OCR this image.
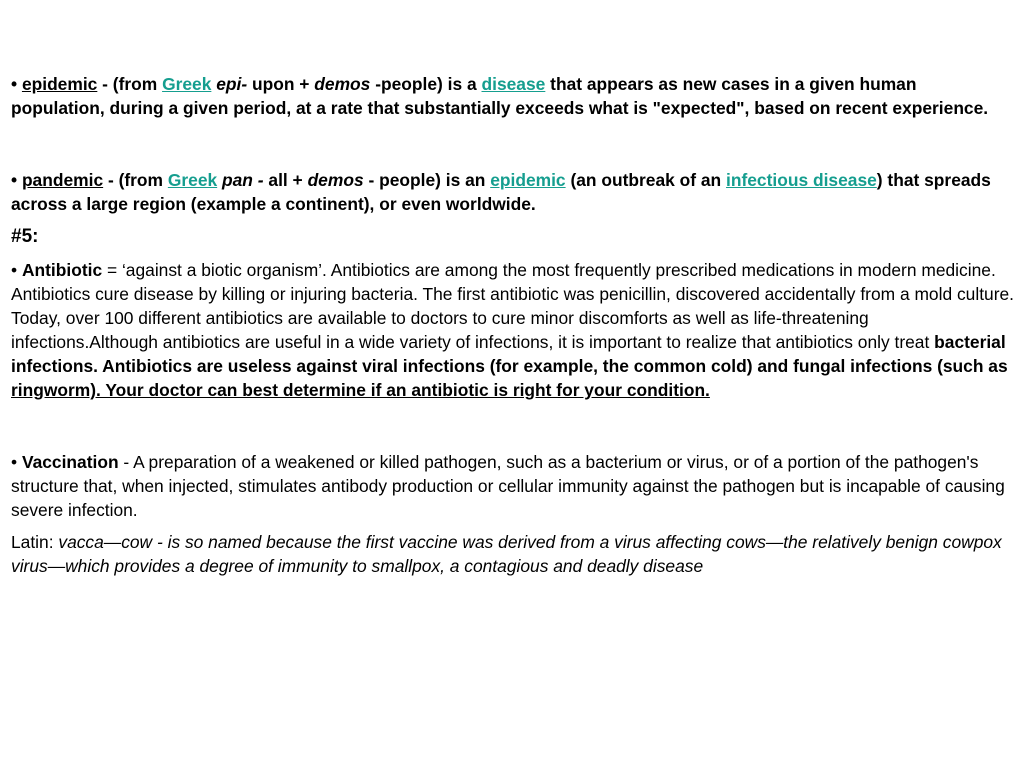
• epidemic - (from Greek epi- upon + demos -people) is a disease that appears as new cases in a given human population, during a given period, at a rate that substantially exceeds what is "expected", based on recent experience.

• pandemic - (from Greek pan - all + demos - people) is an epidemic (an outbreak of an infectious disease) that spreads across a large region (example a continent), or even worldwide.

#5:

• Antibiotic = ‘against a biotic organism’. Antibiotics are among the most frequently prescribed medications in modern medicine. Antibiotics cure disease by killing or injuring bacteria. The first antibiotic was penicillin, discovered accidentally from a mold culture. Today, over 100 different antibiotics are available to doctors to cure minor discomforts as well as life-threatening infections.Although antibiotics are useful in a wide variety of infections, it is important to realize that antibiotics only treat bacterial infections. Antibiotics are useless against viral infections (for example, the common cold) and fungal infections (such as ringworm). Your doctor can best determine if an antibiotic is right for your condition.

• Vaccination - A preparation of a weakened or killed pathogen, such as a bacterium or virus, or of a portion of the pathogen's structure that, when injected, stimulates antibody production or cellular immunity against the pathogen but is incapable of causing severe infection.

Latin: vacca—cow - is so named because the first vaccine was derived from a virus affecting cows—the relatively benign cowpox virus—which provides a degree of immunity to smallpox, a contagious and deadly disease
